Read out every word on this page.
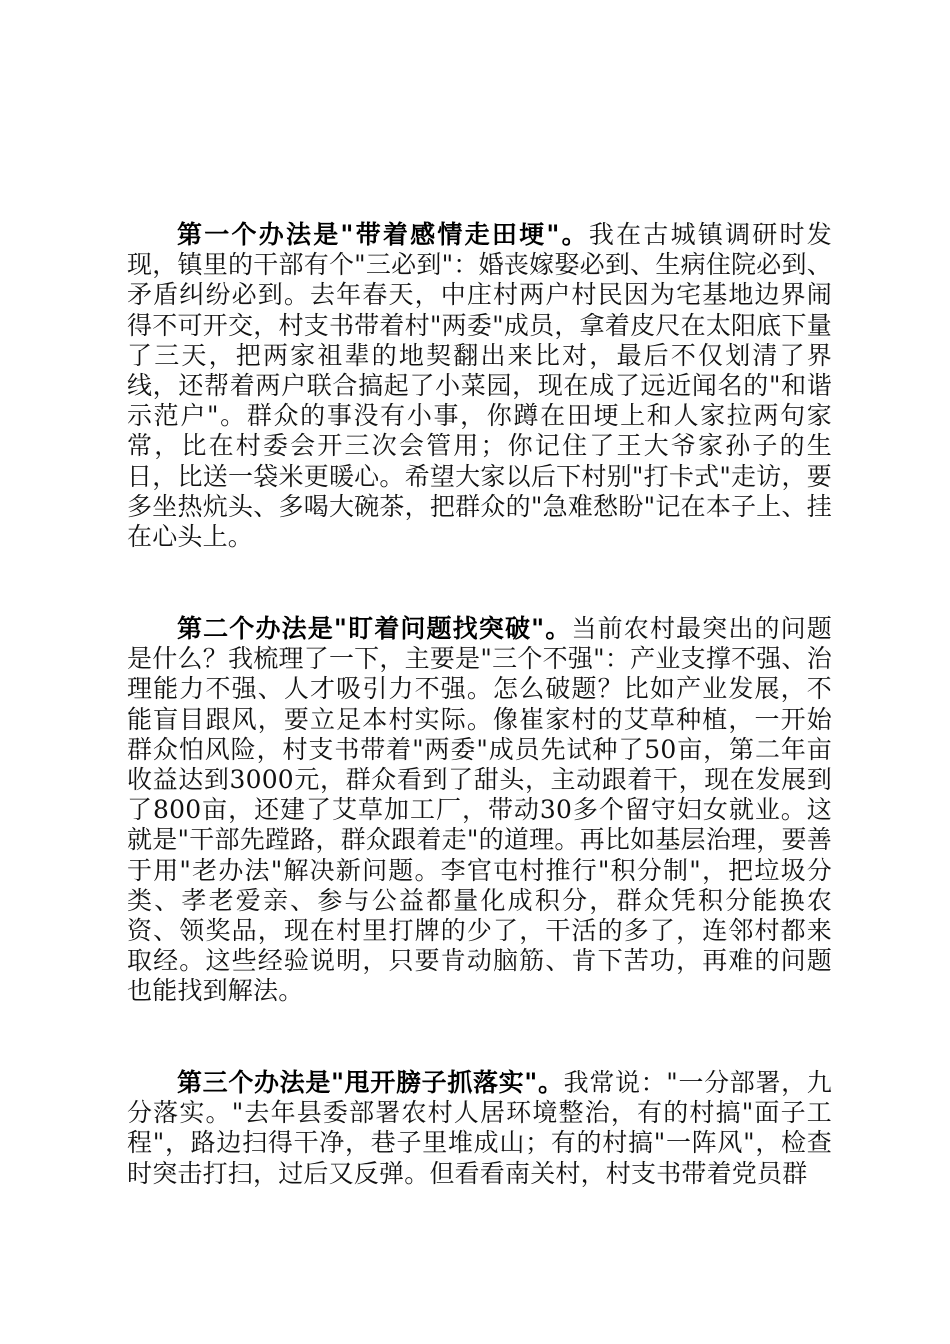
第一个办法是"带着感情走田埂"。我在古城镇调研时发现，镇里的干部有个"三必到"：婚丧嫁娶必到、生病住院必到、矛盾纠纷必到。去年春天，中庄村两户村民因为宅基地边界闹得不可开交，村支书带着村"两委"成员，拿着皮尺在太阳底下量了三天，把两家祖辈的地契翻出来比对，最后不仅划清了界线，还帮着两户联合搞起了小菜园，现在成了远近闻名的"和谐示范户"。群众的事没有小事，你蹲在田埂上和人家拉两句家常，比在村委会开三次会管用；你记住了王大爷家孙子的生日，比送一袋米更暖心。希望大家以后下村别"打卡式"走访，要多坐热炕头、多喝大碗茶，把群众的"急难愁盼"记在本子上、挂在心头上。

第二个办法是"盯着问题找突破"。当前农村最突出的问题是什么？我梳理了一下，主要是"三个不强"：产业支撑不强、治理能力不强、人才吸引力不强。怎么破题？比如产业发展，不能盲目跟风，要立足本村实际。像崔家村的艾草种植，一开始群众怕风险，村支书带着"两委"成员先试种了50亩，第二年亩收益达到3000元，群众看到了甜头，主动跟着干，现在发展到了800亩，还建了艾草加工厂，带动30多个留守妇女就业。这就是"干部先蹚路，群众跟着走"的道理。再比如基层治理，要善于用"老办法"解决新问题。李官屯村推行"积分制"，把垃圾分类、孝老爱亲、参与公益都量化成积分，群众凭积分能换农资、领奖品，现在村里打牌的少了，干活的多了，连邻村都来取经。这些经验说明，只要肯动脑筋、肯下苦功，再难的问题也能找到解法。

第三个办法是"甩开膀子抓落实"。我常说："一分部署，九分落实。"去年县委部署农村人居环境整治，有的村搞"面子工程"，路边扫得干净，巷子里堆成山；有的村搞"一阵风"，检查时突击打扫，过后又反弹。但看看南关村，村支书带着党员群
